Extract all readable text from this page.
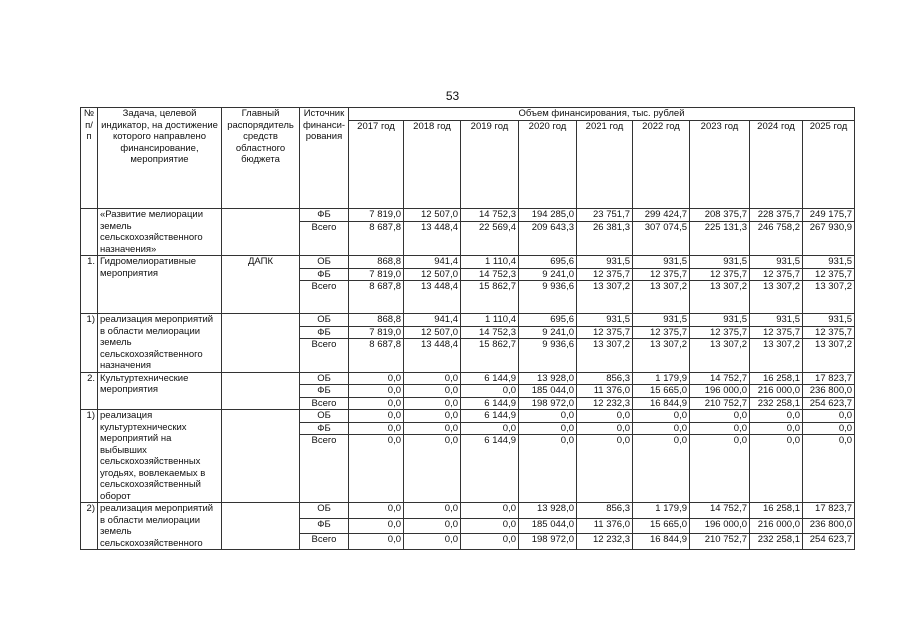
53
№ п/п	Задача, целевой индикатор, на достижение которого направлено финансирование, мероприятие	Главный распорядитель средств областного бюджета	Источник финанси-рования	Объем финансирования, тыс. рублей									
				2017 год	2018 год	2019 год	2020 год	2021 год	2022 год	2023 год	2024 год	2025 год	
	«Развитие мелиорации земель сельскохозяйственного назначения»		ФБ	7 819,0	12 507,0	14 752,3	194 285,0	23 751,7	299 424,7	208 375,7	228 375,7	249 175,7	
			Всего	8 687,8	13 448,4	22 569,4	209 643,3	26 381,3	307 074,5	225 131,3	246 758,2	267 930,9	

1.	Гидромелиоративные мероприятия	ДАПК	ОБ	868,8	941,4	1 110,4	695,6	931,5	931,5	931,5	931,5	931,5	
			ФБ	7 819,0	12 507,0	14 752,3	9 241,0	12 375,7	12 375,7	12 375,7	12 375,7	12 375,7	
			Всего	8 687,8	13 448,4	15 862,7	9 936,6	13 307,2	13 307,2	13 307,2	13 307,2	13 307,2	

1)	реализация мероприятий в области мелиорации земель сельскохозяйственного назначения		ОБ	868,8	941,4	1 110,4	695,6	931,5	931,5	931,5	931,5	931,5	
			ФБ	7 819,0	12 507,0	14 752,3	9 241,0	12 375,7	12 375,7	12 375,7	12 375,7	12 375,7	
			Всего	8 687,8	13 448,4	15 862,7	9 936,6	13 307,2	13 307,2	13 307,2	13 307,2	13 307,2	

2.	Культуртехнические мероприятия		ОБ	0,0	0,0	6 144,9	13 928,0	856,3	1 179,9	14 752,7	16 258,1	17 823,7	
			ФБ	0,0	0,0	0,0	185 044,0	11 376,0	15 665,0	196 000,0	216 000,0	236 800,0	
			Всего	0,0	0,0	6 144,9	198 972,0	12 232,3	16 844,9	210 752,7	232 258,1	254 623,7	
1)	реализация культуртехнических мероприятий на выбывших сельскохозяйственных угодьях, вовлекаемых в сельскохозяйственный оборот		ОБ	0,0	0,0	6 144,9	0,0	0,0	0,0	0,0	0,0	0,0	
			ФБ	0,0	0,0	0,0	0,0	0,0	0,0	0,0	0,0	0,0	
			Всего	0,0	0,0	6 144,9	0,0	0,0	0,0	0,0	0,0	0,0	

2)	реализация мероприятий в области мелиорации земель сельскохозяйственного		ОБ	0,0	0,0	0,0	13 928,0	856,3	1 179,9	14 752,7	16 258,1	17 823,7	
			ФБ	0,0	0,0	0,0	185 044,0	11 376,0	15 665,0	196 000,0	216 000,0	236 800,0	
			Всего	0,0	0,0	0,0	198 972,0	12 232,3	16 844,9	210 752,7	232 258,1	254 623,7	
